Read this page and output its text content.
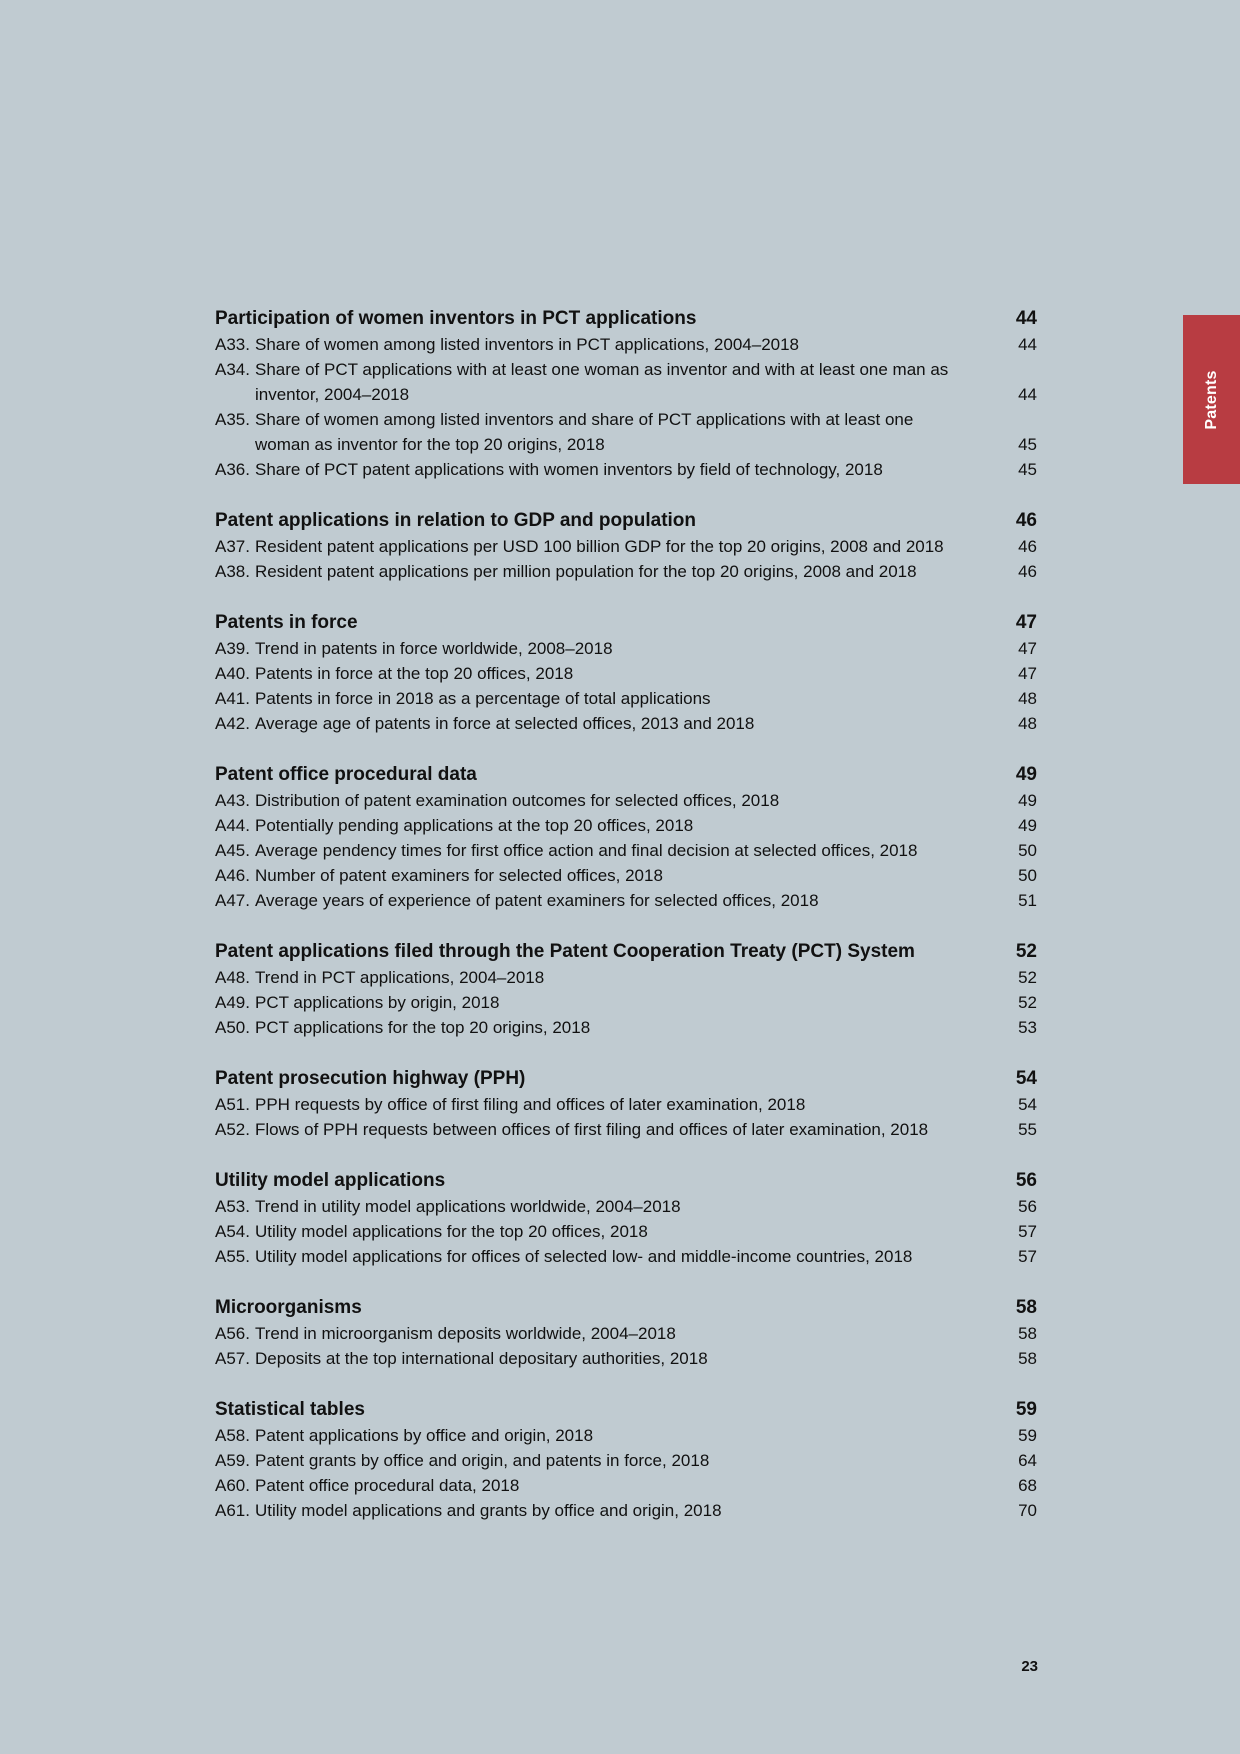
Patents
Participation of women inventors in PCT applications	44
A33. Share of women among listed inventors in PCT applications, 2004–2018	44
A34. Share of PCT applications with at least one woman as inventor and with at least one man as inventor, 2004–2018	44
A35. Share of women among listed inventors and share of PCT applications with at least one woman as inventor for the top 20 origins, 2018	45
A36. Share of PCT patent applications with women inventors by field of technology, 2018	45
Patent applications in relation to GDP and population	46
A37. Resident patent applications per USD 100 billion GDP for the top 20 origins, 2008 and 2018	46
A38. Resident patent applications per million population for the top 20 origins, 2008 and 2018	46
Patents in force	47
A39. Trend in patents in force worldwide, 2008–2018	47
A40. Patents in force at the top 20 offices, 2018	47
A41. Patents in force in 2018 as a percentage of total applications	48
A42. Average age of patents in force at selected offices, 2013 and 2018	48
Patent office procedural data	49
A43. Distribution of patent examination outcomes for selected offices, 2018	49
A44. Potentially pending applications at the top 20 offices, 2018	49
A45. Average pendency times for first office action and final decision at selected offices, 2018	50
A46. Number of patent examiners for selected offices, 2018	50
A47. Average years of experience of patent examiners for selected offices, 2018	51
Patent applications filed through the Patent Cooperation Treaty (PCT) System	52
A48. Trend in PCT applications, 2004–2018	52
A49. PCT applications by origin, 2018	52
A50. PCT applications for the top 20 origins, 2018	53
Patent prosecution highway (PPH)	54
A51. PPH requests by office of first filing and offices of later examination, 2018	54
A52. Flows of PPH requests between offices of first filing and offices of later examination, 2018	55
Utility model applications	56
A53. Trend in utility model applications worldwide, 2004–2018	56
A54. Utility model applications for the top 20 offices, 2018	57
A55. Utility model applications for offices of selected low- and middle-income countries, 2018	57
Microorganisms	58
A56. Trend in microorganism deposits worldwide, 2004–2018	58
A57. Deposits at the top international depositary authorities, 2018	58
Statistical tables	59
A58. Patent applications by office and origin, 2018	59
A59. Patent grants by office and origin, and patents in force, 2018	64
A60. Patent office procedural data, 2018	68
A61. Utility model applications and grants by office and origin, 2018	70
23
